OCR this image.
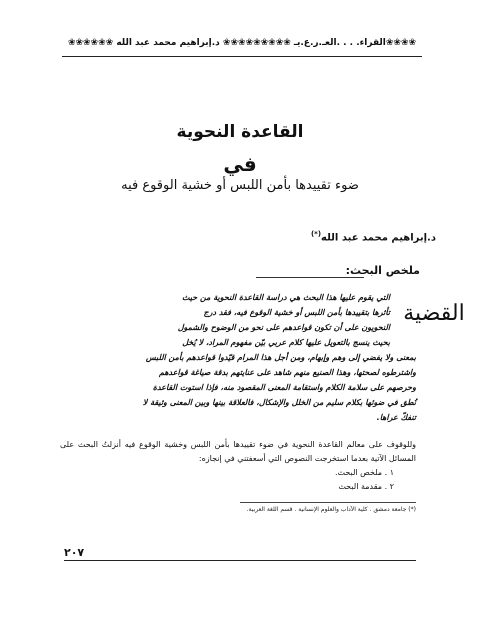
❀❀❀❀القراء. . . .العـ.ر.ع.يـ ❀❀❀❀❀❀❀❀❀ د.إبراهيم محمد عبد الله ❀❀❀❀❀❀
القاعدة النحوية
في
ضوء تقييدها بأمن اللبس أو خشية الوقوع فيه
د.إبراهيم محمد عبد الله(*)
ملخص البحث:
القضية
التي يقوم عليها هذا البحث هي دراسة القاعدة النحوية من حيث
تأثرها بتقييدها بأمن اللبس أو خشية الوقوع فيه، فقد درج
النحويون على أن تكون قواعدهم على نحو من الوضوح والشمول
بحيث ينسج بالتعويل عليها كلام عربي بيّن مفهوم المراد، لا يُخل
بمعنى ولا يفضي إلى وهم وإبهام، ومن أجل هذا المرام قيّدوا قواعدهم بأمن اللبس
واشترطوه لصحتها، وهذا الصنيع منهم شاهد على عنايتهم بدقة صياغة قواعدهم
وحرصهم على سلامة الكلام واستقامة المعنى المقصود منه، فإذا استوت القاعدة
نُطق في ضوئها بكلام سليم من الخلل والإشكال، فالعلاقة بينها وبين المعنى وثيقة لا
تنفكّ عراها.
وللوقوف على معالم القاعدة النحوية في ضوء تقييدها بأمن اللبس وخشية الوقوع فيه أنزلتُ البحث على المسائل الآتية بعدما استخرجت النصوص التي أسعفتني في إنجازه:
١ . ملخص البحث.
٢ . مقدمة البحث
(*) جامعة دمشق . كلية الآداب والعلوم الإنسانية . قسم اللغة العربية.
٢٠٧
